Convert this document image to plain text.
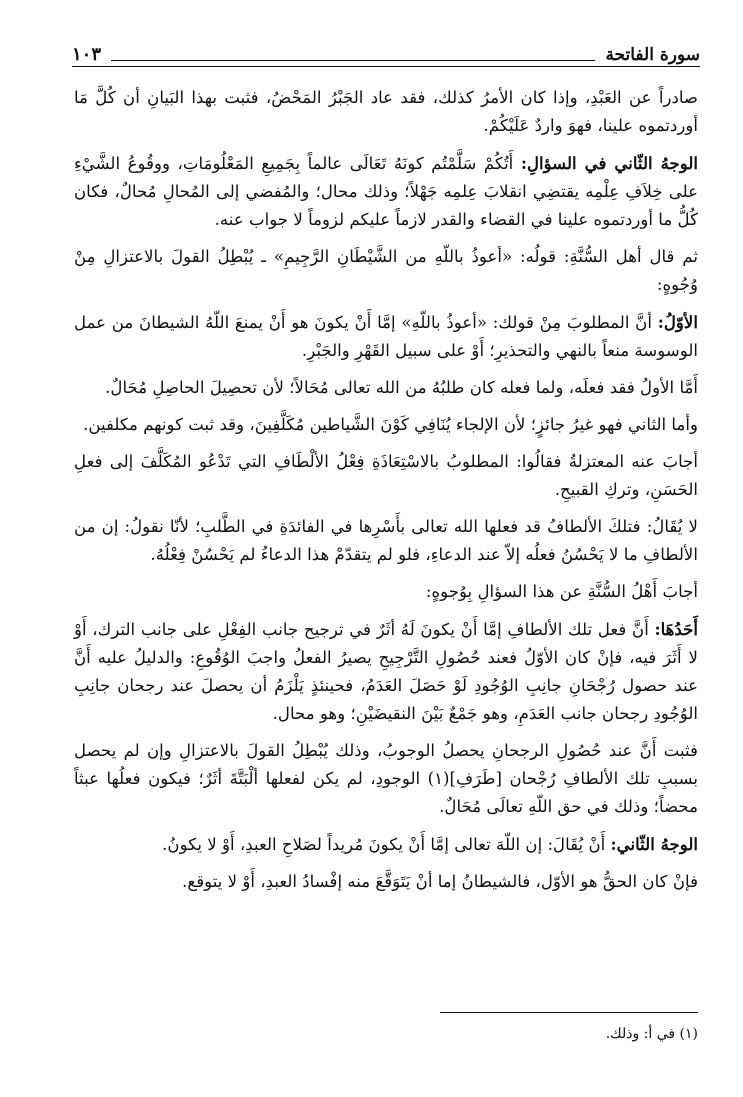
سورة الفاتحة
١٠٣

صادراً عن العَبْدِ، وإذا كان الأمرُ كذلك، فقد عاد الجَبْرُ المَحْضُ، فثبت بهذا البَيانِ أن كُلَّ مَا أوردتموه علينا، فهوَ واردٌ عَلَيْكُمْ.

الوجهُ الثّاني في السؤالِ: أَتُكُمْ سَلَّمْتُم كونَهُ تَعَالَى عالماً بِجَمِيعِ المَعْلُومَاتِ، ووقُوعُ الشَّيْءِ على خِلاَفِ عِلْمِه يقتضِي انقلابَ عِلمِه جَهْلاً؛ وذلك محال؛ والمُفضي إلى المُحالِ مُحالٌ، فكان كُلُّ ما أوردتموه علينا في القضاء والقدر لازماً عليكم لزوماً لا جواب عنه.

ثم قال أهل السُّنَّةِ: قولُه: «أعوذُ باللّهِ من الشَّيْطَانِ الرَّجِيمِ» ـ يُبْطِلُ القولَ بالاعتزالِ مِنْ وُجُوهٍ:

الأوّلُ: أنَّ المطلوبَ مِنْ قولك: «أعوذُ باللّهِ» إمَّا أَنْ يكونَ هو أَنْ يمنعَ اللّهُ الشيطانَ من عمل الوسوسة منعاً بالنهي والتحذيرِ؛ أَوْ على سبيل القَهْرِ والجَبْرِ.

أَمَّا الأولُ فقد فعلَه، ولما فعله كان طلبُهُ من الله تعالى مُحَالاً؛ لأن تحصِيلَ الحاصِلِ مُحَالٌ.

وأما الثاني فهو غيرُ جائزٍ؛ لأن الإلجاء يُنَافِي كَوْنَ الشَّياطين مُكَلَّفِينَ، وقد ثبت كونهم مكلفين.

أجابَ عنه المعتزلةُ فقالُوا: المطلوبُ بالاسْتِعَاذَةِ فِعْلُ الألْطَافِ التي تَدْعُو المُكَلَّفَ إلى فعلِ الحَسَنِ، وتركِ القبيحِ.

لا يُقَالُ: فتلكَ الألطافُ قد فعلها الله تعالى بأَسْرِها في الفائدَةِ في الطَّلبِ؛ لأنّا نقولُ: إن من الألطافِ ما لا يَحْسُنُ فعلُه إلاّ عند الدعاءِ، فلو لم يتقدّمْ هذا الدعاءُ لم يَحْسُنْ فِعْلُهُ.

أجابَ أَهْلُ السُّنَّةِ عن هذا السؤالِ بِوُجوهٍ:

أَحَدُهَا: أَنَّ فعل تلك الألطافِ إمَّا أَنْ يكونَ لَهُ أثَرٌ في ترجيح جانب الفِعْلِ على جانب الترك، أَوْ لا أَثَرَ فيه، فإنْ كان الأوّلُ فعند حُصُولِ التَّرْجِيحِ يصيرُ الفعلُ واجبَ الوُقُوعِ: والدليلُ عليه أَنَّ عند حصول رُجْحَانِ جانِبِ الوُجُودِ لَوْ حَصَلَ العَدَمُ، فحينئذٍ يَلْزَمُ أن يحصلَ عند رجحان جانِبِ الوُجُودِ رجحان جانب العَدَمِ، وهو جَمْعٌ بَيْنَ النقيضَيْنِ؛ وهو محال.

فثبت أَنَّ عند حُصُولِ الرجحانِ يحصلُ الوجوبُ، وذلك يُبْطِلُ القولَ بالاعتزالِ وإن لم يحصل بسببِ تلك الألطافِ رُجْحان [طَرَفِ](١) الوجودِ، لم يكن لفعلها ألْبَتَّةَ أثَرٌ؛ فيكون فعلُها عبثاً محضاً؛ وذلك في حق اللّهِ تعالَى مُحَالٌ.

الوجهُ الثّاني: أَنْ يُقَالَ: إن اللّهَ تعالى إمَّا أَنْ يكونَ مُريداً لصَلاحِ العبدِ، أَوْ لا يكونُ.

فإنْ كان الحقُّ هو الأوّل، فالشيطانُ إما أنْ يَتَوَقَّعَ منه إفْسادُ العبدِ، أَوْ لا يتوقع.

(١) في أ: وذلك.
